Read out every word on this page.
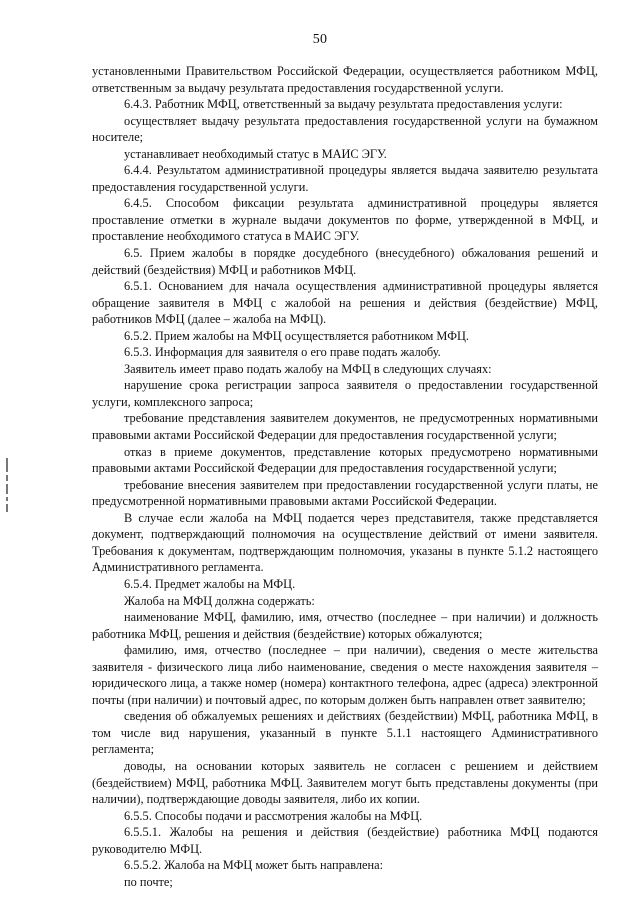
50

установленными Правительством Российской Федерации, осуществляется работником МФЦ, ответственным за выдачу результата предоставления государственной услуги.

6.4.3. Работник МФЦ, ответственный за выдачу результата предоставления услуги:

осуществляет выдачу результата предоставления государственной услуги на бумажном носителе;

устанавливает необходимый статус в МАИС ЭГУ.

6.4.4. Результатом административной процедуры является выдача заявителю результата предоставления государственной услуги.

6.4.5. Способом фиксации результата административной процедуры является проставление отметки в журнале выдачи документов по форме, утвержденной в МФЦ, и проставление необходимого статуса в МАИС ЭГУ.

6.5. Прием жалобы в порядке досудебного (внесудебного) обжалования решений и действий (бездействия) МФЦ и работников МФЦ.

6.5.1. Основанием для начала осуществления административной процедуры является обращение заявителя в МФЦ с жалобой на решения и действия (бездействие) МФЦ, работников МФЦ (далее – жалоба на МФЦ).

6.5.2. Прием жалобы на МФЦ осуществляется работником МФЦ.

6.5.3. Информация для заявителя о его праве подать жалобу.

Заявитель имеет право подать жалобу на МФЦ в следующих случаях:

нарушение срока регистрации запроса заявителя о предоставлении государственной услуги, комплексного запроса;

требование представления заявителем документов, не предусмотренных нормативными правовыми актами Российской Федерации для предоставления государственной услуги;

отказ в приеме документов, представление которых предусмотрено нормативными правовыми актами Российской Федерации для предоставления государственной услуги;

требование внесения заявителем при предоставлении государственной услуги платы, не предусмотренной нормативными правовыми актами Российской Федерации.

В случае если жалоба на МФЦ подается через представителя, также представляется документ, подтверждающий полномочия на осуществление действий от имени заявителя. Требования к документам, подтверждающим полномочия, указаны в пункте 5.1.2 настоящего Административного регламента.

6.5.4. Предмет жалобы на МФЦ.

Жалоба на МФЦ должна содержать:

наименование МФЦ, фамилию, имя, отчество (последнее – при наличии) и должность работника МФЦ, решения и действия (бездействие) которых обжалуются;

фамилию, имя, отчество (последнее – при наличии), сведения о месте жительства заявителя - физического лица либо наименование, сведения о месте нахождения заявителя – юридического лица, а также номер (номера) контактного телефона, адрес (адреса) электронной почты (при наличии) и почтовый адрес, по которым должен быть направлен ответ заявителю;

сведения об обжалуемых решениях и действиях (бездействии) МФЦ, работника МФЦ, в том числе вид нарушения, указанный в пункте 5.1.1 настоящего Административного регламента;

доводы, на основании которых заявитель не согласен с решением и действием (бездействием) МФЦ, работника МФЦ. Заявителем могут быть представлены документы (при наличии), подтверждающие доводы заявителя, либо их копии.

6.5.5. Способы подачи и рассмотрения жалобы на МФЦ.

6.5.5.1. Жалобы на решения и действия (бездействие) работника МФЦ подаются руководителю МФЦ.

6.5.5.2. Жалоба на МФЦ может быть направлена:

по почте;
